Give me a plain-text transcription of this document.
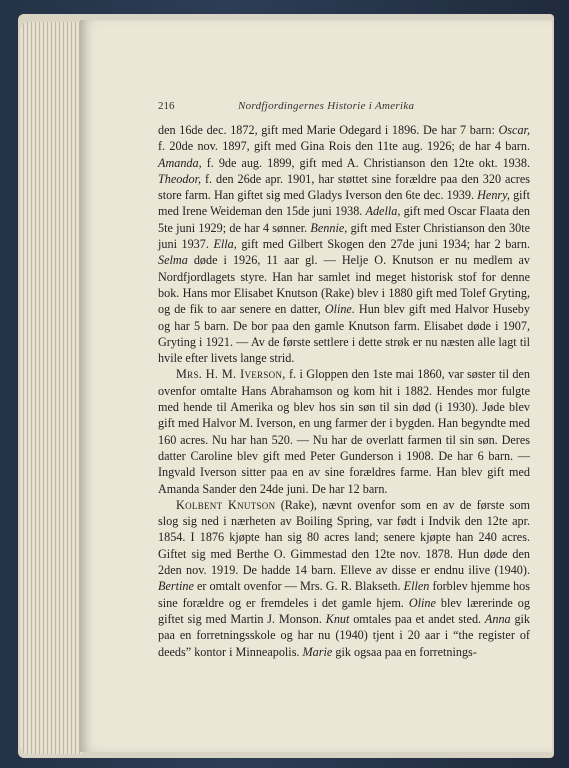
216	Nordfjordingernes Historie i Amerika

den 16de dec. 1872, gift med Marie Odegard i 1896. De har 7 barn: Oscar, f. 20de nov. 1897, gift med Gina Rois den 11te aug. 1926; de har 4 barn. Amanda, f. 9de aug. 1899, gift med A. Christianson den 12te okt. 1938. Theodor, f. den 26de apr. 1901, har støttet sine forældre paa den 320 acres store farm. Han giftet sig med Gladys Iverson den 6te dec. 1939. Henry, gift med Irene Weideman den 15de juni 1938. Adella, gift med Oscar Flaata den 5te juni 1929; de har 4 sønner. Bennie, gift med Ester Christianson den 30te juni 1937. Ella, gift med Gilbert Skogen den 27de juni 1934; har 2 barn. Selma døde i 1926, 11 aar gl. — Helje O. Knutson er nu medlem av Nordfjordlagets styre. Han har samlet ind meget historisk stof for denne bok. Hans mor Elisabet Knutson (Rake) blev i 1880 gift med Tolef Gryting, og de fik to aar senere en datter, Oline. Hun blev gift med Halvor Huseby og har 5 barn. De bor paa den gamle Knutson farm. Elisabet døde i 1907, Gryting i 1921. — Av de første settlere i dette strøk er nu næsten alle lagt til hvile efter livets lange strid.

Mrs. H. M. Iverson, f. i Gloppen den 1ste mai 1860, var søster til den ovenfor omtalte Hans Abrahamson og kom hit i 1882. Hendes mor fulgte med hende til Amerika og blev hos sin søn til sin død (i 1930). Jøde blev gift med Halvor M. Iverson, en ung farmer der i bygden. Han begyndte med 160 acres. Nu har han 520. — Nu har de overlatt farmen til sin søn. Deres datter Caroline blev gift med Peter Gunderson i 1908. De har 6 barn. — Ingvald Iverson sitter paa en av sine forældres farme. Han blev gift med Amanda Sander den 24de juni. De har 12 barn.

Kolbent Knutson (Rake), nævnt ovenfor som en av de første som slog sig ned i nærheten av Boiling Spring, var født i Indvik den 12te apr. 1854. I 1876 kjøpte han sig 80 acres land; senere kjøpte han 240 acres. Giftet sig med Berthe O. Gimmestad den 12te nov. 1878. Hun døde den 2den nov. 1919. De hadde 14 barn. Elleve av disse er endnu ilive (1940). Bertine er omtalt ovenfor — Mrs. G. R. Blakseth. Ellen forblev hjemme hos sine forældre og er fremdeles i det gamle hjem. Oline blev lærerinde og giftet sig med Martin J. Monson. Knut omtales paa et andet sted. Anna gik paa en forretningsskole og har nu (1940) tjent i 20 aar i “the register of deeds” kontor i Minneapolis. Marie gik ogsaa paa en forretnings-
